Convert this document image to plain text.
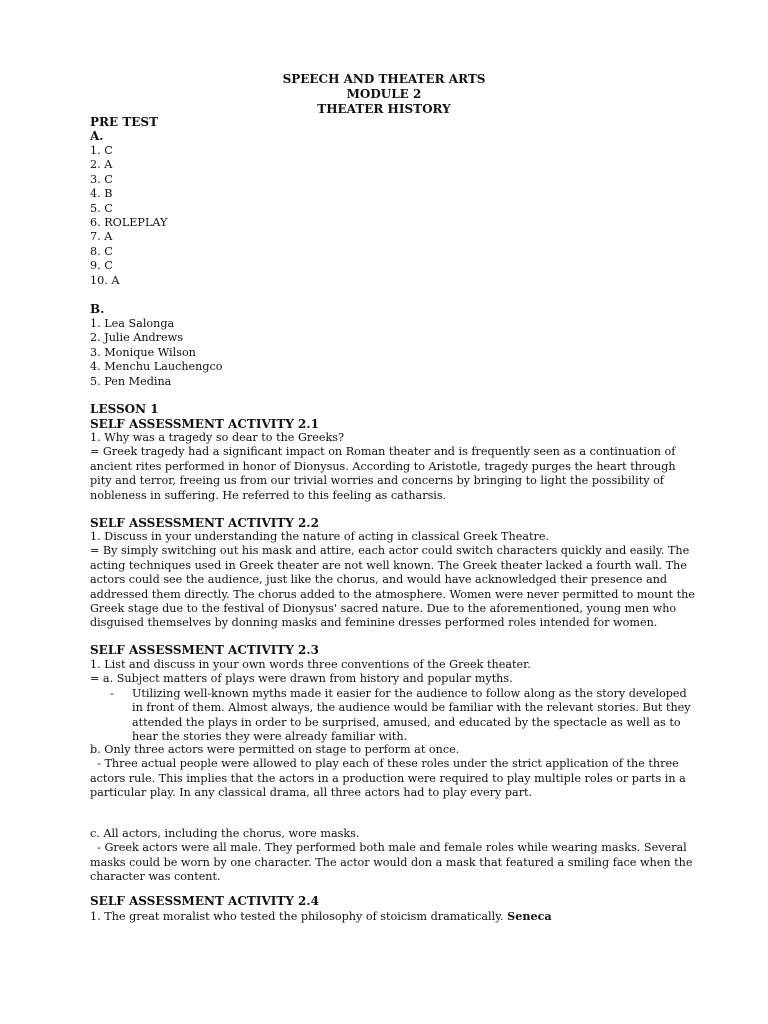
SPEECH AND THEATER ARTS
MODULE 2
THEATER HISTORY
PRE TEST
A.
1. C
2. A
3. C
4. B
5. C
6. ROLEPLAY
7. A
8. C
9. C
10. A
B.
1. Lea Salonga
2. Julie Andrews
3. Monique Wilson
4. Menchu Lauchengco
5. Pen Medina
LESSON 1
SELF ASSESSMENT ACTIVITY 2.1
1. Why was a tragedy so dear to the Greeks?
= Greek tragedy had a significant impact on Roman theater and is frequently seen as a continuation of
ancient rites performed in honor of Dionysus. According to Aristotle, tragedy purges the heart through
pity and terror, freeing us from our trivial worries and concerns by bringing to light the possibility of
nobleness in suffering. He referred to this feeling as catharsis.
SELF ASSESSMENT ACTIVITY 2.2
1. Discuss in your understanding the nature of acting in classical Greek Theatre.
= By simply switching out his mask and attire, each actor could switch characters quickly and easily. The
acting techniques used in Greek theater are not well known. The Greek theater lacked a fourth wall. The
actors could see the audience, just like the chorus, and would have acknowledged their presence and
addressed them directly. The chorus added to the atmosphere. Women were never permitted to mount the
Greek stage due to the festival of Dionysus' sacred nature. Due to the aforementioned, young men who
disguised themselves by donning masks and feminine dresses performed roles intended for women.
SELF ASSESSMENT ACTIVITY 2.3
1. List and discuss in your own words three conventions of the Greek theater.
= a. Subject matters of plays were drawn from history and popular myths.
- Utilizing well-known myths made it easier for the audience to follow along as the story developed
in front of them. Almost always, the audience would be familiar with the relevant stories. But they
attended the plays in order to be surprised, amused, and educated by the spectacle as well as to
hear the stories they were already familiar with.
b. Only three actors were permitted on stage to perform at once.
- Three actual people were allowed to play each of these roles under the strict application of the three
actors rule. This implies that the actors in a production were required to play multiple roles or parts in a
particular play. In any classical drama, all three actors had to play every part.
c. All actors, including the chorus, wore masks.
- Greek actors were all male. They performed both male and female roles while wearing masks. Several
masks could be worn by one character. The actor would don a mask that featured a smiling face when the
character was content.
SELF ASSESSMENT ACTIVITY 2.4
1. The great moralist who tested the philosophy of stoicism dramatically. Seneca
